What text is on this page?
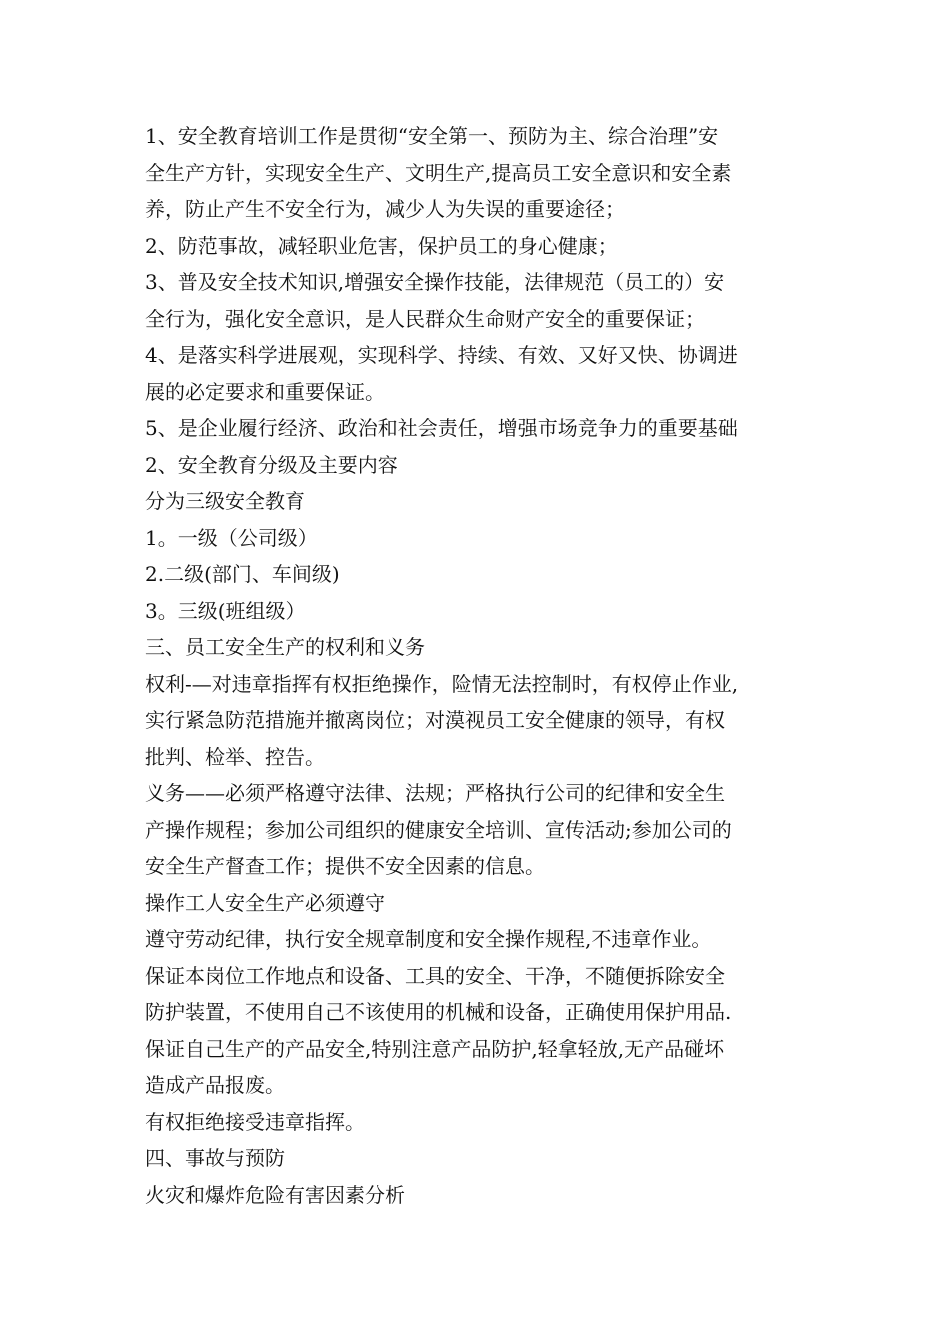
1、安全教育培训工作是贯彻“安全第一、预防为主、综合治理”安
全生产方针，实现安全生产、文明生产,提高员工安全意识和安全素
养，防止产生不安全行为，减少人为失误的重要途径；
2、防范事故，减轻职业危害，保护员工的身心健康；
3、普及安全技术知识,增强安全操作技能，法律规范（员工的）安
全行为，强化安全意识，是人民群众生命财产安全的重要保证；
4、是落实科学进展观，实现科学、持续、有效、又好又快、协调进
展的必定要求和重要保证。
5、是企业履行经济、政治和社会责任，增强市场竞争力的重要基础
2、安全教育分级及主要内容
分为三级安全教育
1。一级（公司级）
2.二级(部门、车间级)
3。三级(班组级）
三、员工安全生产的权利和义务
权利-—对违章指挥有权拒绝操作，险情无法控制时，有权停止作业,
实行紧急防范措施并撤离岗位；对漠视员工安全健康的领导，有权
批判、检举、控告。
义务——必须严格遵守法律、法规；严格执行公司的纪律和安全生
产操作规程；参加公司组织的健康安全培训、宣传活动;参加公司的
安全生产督查工作；提供不安全因素的信息。
操作工人安全生产必须遵守
遵守劳动纪律，执行安全规章制度和安全操作规程,不违章作业。
保证本岗位工作地点和设备、工具的安全、干净，不随便拆除安全
防护装置，不使用自己不该使用的机械和设备，正确使用保护用品.
保证自己生产的产品安全,特别注意产品防护,轻拿轻放,无产品碰坏
造成产品报废。
有权拒绝接受违章指挥。
四、事故与预防
火灾和爆炸危险有害因素分析
